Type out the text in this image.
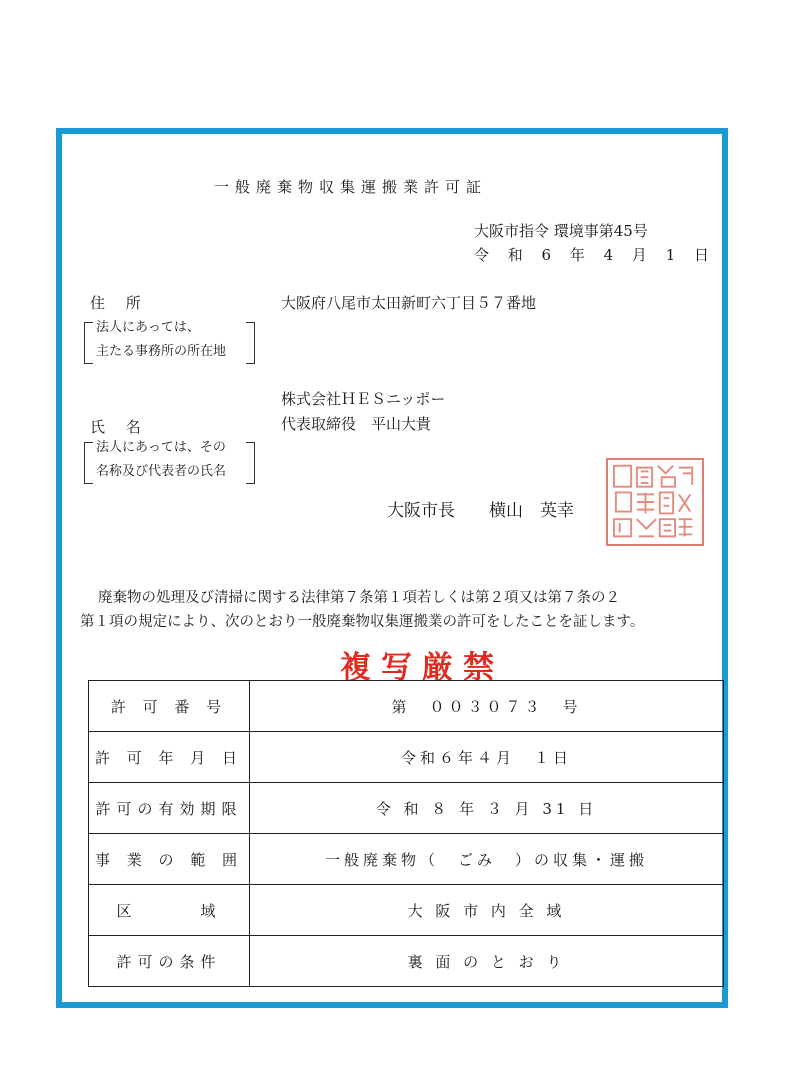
一般廃棄物収集運搬業許可証
大阪市指令 環境事第45号
令 和 6 年 4 月 1 日
住 所
法人にあっては、
主たる事務所の所在地
大阪府八尾市太田新町六丁目５７番地
株式会社ＨＥＳニッポー
代表取締役　平山大貴
氏 名
法人にあっては、その
名称及び代表者の氏名
大阪市長　　横山　英幸
廃棄物の処理及び清掃に関する法律第７条第１項若しくは第２項又は第７条の２
第１項の規定により、次のとおり一般廃棄物収集運搬業の許可をしたことを証します。
複写厳禁
許 可 番 号	第　００３０７３　号
許 可 年 月 日	令和６年４月　１日
許可の有効期限	令 和 ８ 年 ３ 月 31 日
事 業 の 範 囲	一般廃棄物（　ごみ　）の収集・運搬
区　　　域	大 阪 市 内 全 域
許可の条件	裏 面 の と お り
